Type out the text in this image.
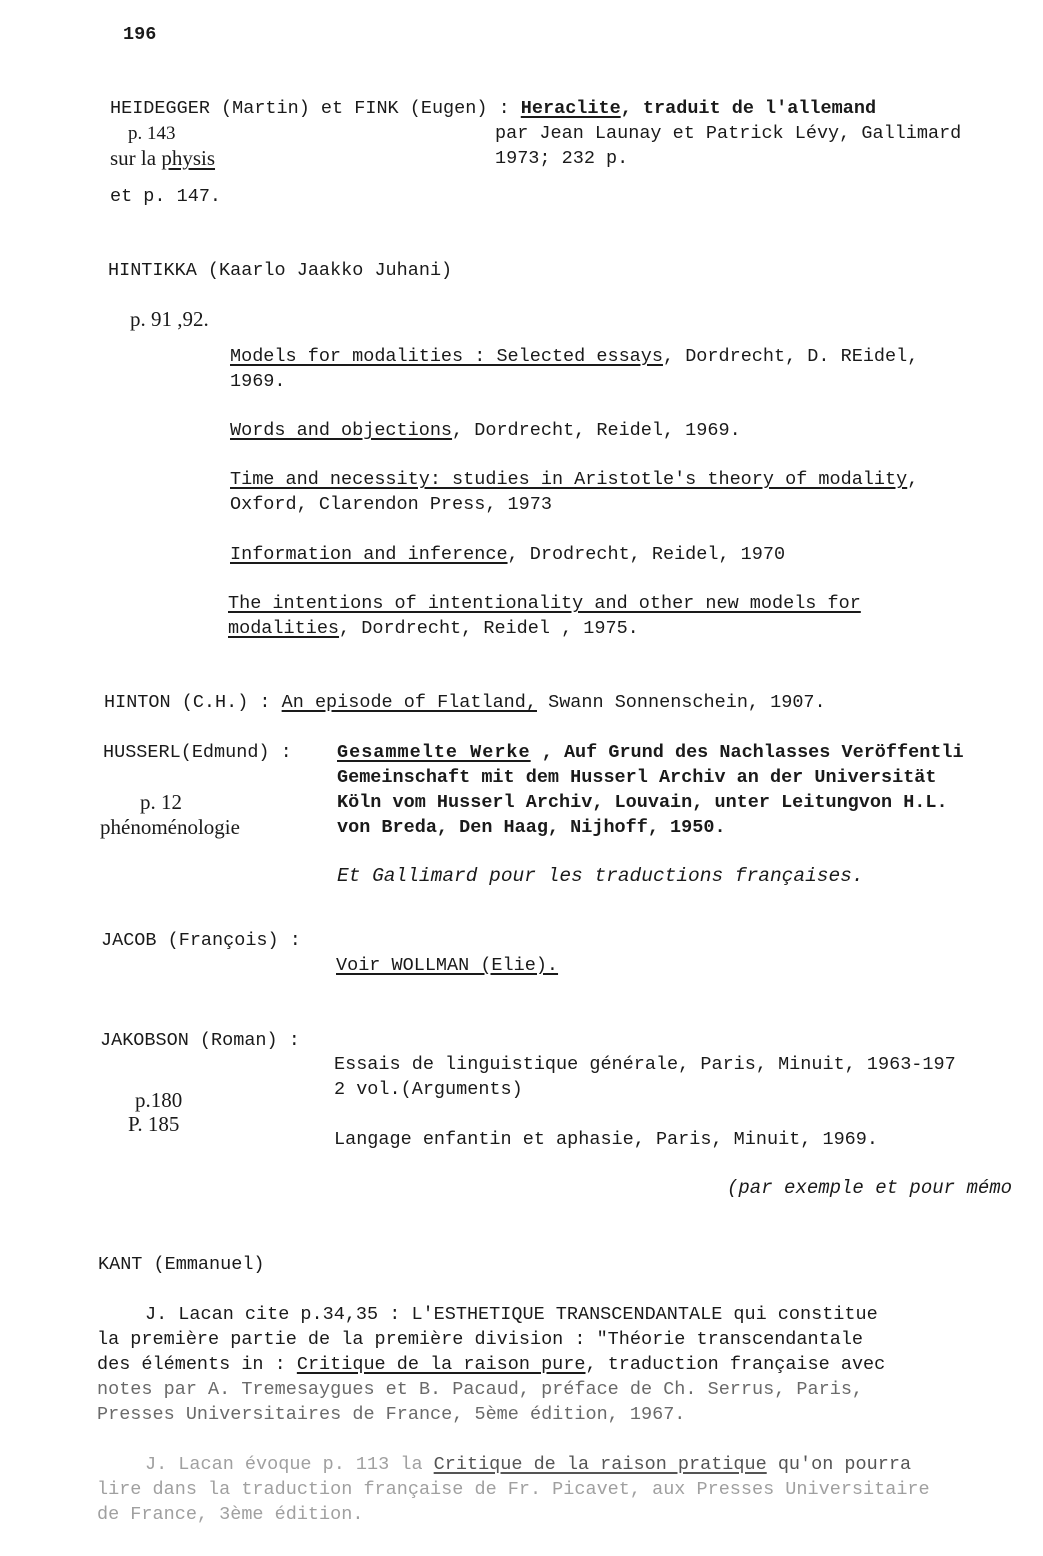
196
HEIDEGGER (Martin) et FINK (Eugen) : Heraclite, traduit de l'allemand
par Jean Launay et Patrick Lévy, Gallimard
1973; 232 p.
p. 143
sur la physis
et p. 147.
HINTIKKA (Kaarlo Jaakko Juhani)
p. 91 ,92.
Models for modalities : Selected essays, Dordrecht, D. REidel,
1969.
Words and objections, Dordrecht, Reidel, 1969.
Time and necessity: studies in Aristotle's theory of modality,
Oxford, Clarendon Press, 1973
Information and inference, Drodrecht, Reidel, 1970
The intentions of intentionality and other new models for
modalities, Dordrecht, Reidel , 1975.
HINTON (C.H.) : An episode of Flatland, Swann Sonnenschein, 1907.
HUSSERL(Edmund) : Gesammelte Werke , Auf Grund des Nachlasses Veröffentli
Gemeinschaft mit dem Husserl Archiv an der Universität
Köln vom Husserl Archiv, Louvain, unter Leitungvon H.L.
von Breda, Den Haag, Nijhoff, 1950.
p. 12
phénoménologie
Et Gallimard pour les traductions françaises.
JACOB (François) :
Voir WOLLMAN (Elie).
JAKOBSON (Roman) :
Essais de linguistique générale, Paris, Minuit, 1963-197
2 vol.(Arguments)
Langage enfantin et aphasie, Paris, Minuit, 1969.
p.180
P. 185
(par exemple et pour mémo
KANT (Emmanuel)
J. Lacan cite p.34,35 : L'ESTHETIQUE TRANSCENDANTALE qui constitue
la première partie de la première division : "Théorie transcendantale
des éléments in : Critique de la raison pure, traduction française avec
notes par A. Tremesaygues et B. Pacaud, préface de Ch. Serrus, Paris,
Presses Universitaires de France, 5ème édition, 1967.
J. Lacan évoque p. 113 la Critique de la raison pratique qu'on pourra
lire dans la traduction française de Fr. Picavet, aux Presses Universitaire
de France, 3ème édition.
